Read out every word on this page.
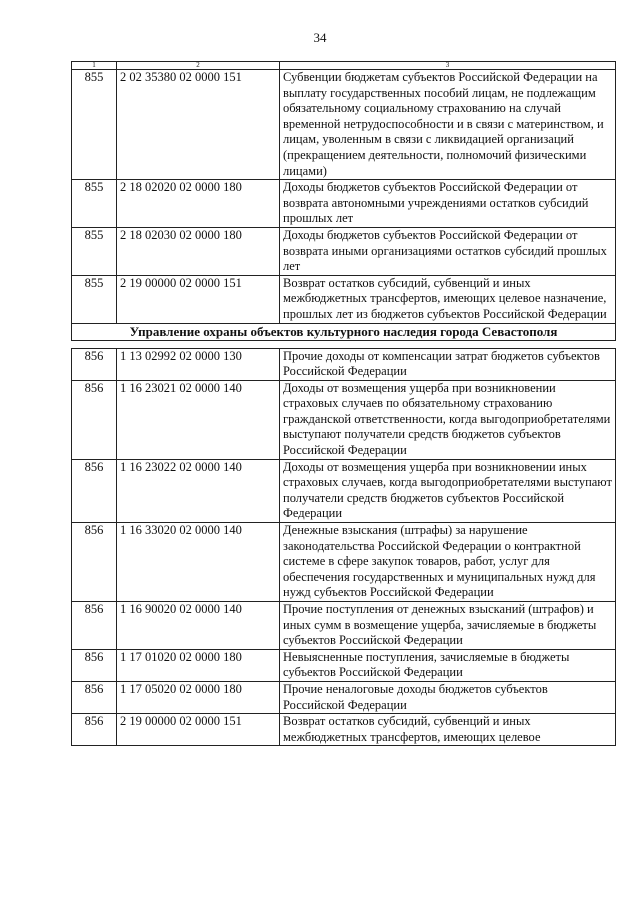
34
1	2	3
855	2 02 35380 02 0000 151	Субвенции бюджетам субъектов Российской Федерации на выплату государственных пособий лицам, не подлежащим обязательному социальному страхованию на случай временной нетрудоспособности и в связи с материнством, и лицам, уволенным в связи с ликвидацией организаций (прекращением деятельности, полномочий физическими лицами)
855	2 18 02020 02 0000 180	Доходы бюджетов субъектов Российской Федерации от возврата автономными учреждениями остатков субсидий прошлых лет
855	2 18 02030 02 0000 180	Доходы бюджетов субъектов Российской Федерации от возврата иными организациями остатков субсидий прошлых лет
855	2 19 00000 02 0000 151	Возврат остатков субсидий, субвенций и иных межбюджетных трансфертов, имеющих целевое назначение, прошлых лет из бюджетов субъектов Российской Федерации
Управление охраны объектов культурного наследия города Севастополя		

856	1 13 02992 02 0000 130	Прочие доходы от компенсации затрат бюджетов субъектов Российской Федерации
856	1 16 23021 02 0000 140	Доходы от возмещения ущерба при возникновении страховых случаев по обязательному страхованию гражданской ответственности, когда выгодоприобретателями выступают получатели средств бюджетов субъектов Российской Федерации
856	1 16 23022 02 0000 140	Доходы от возмещения ущерба при возникновении иных страховых случаев, когда выгодоприобретателями выступают получатели средств бюджетов субъектов Российской Федерации
856	1 16 33020 02 0000 140	Денежные взыскания (штрафы) за нарушение законодательства Российской Федерации о контрактной системе в сфере закупок товаров, работ, услуг для обеспечения государственных и муниципальных нужд для нужд субъектов Российской Федерации
856	1 16 90020 02 0000 140	Прочие поступления от денежных взысканий (штрафов) и иных сумм в возмещение ущерба, зачисляемые в бюджеты субъектов Российской Федерации
856	1 17 01020 02 0000 180	Невыясненные поступления, зачисляемые в бюджеты субъектов Российской Федерации
856	1 17 05020 02 0000 180	Прочие неналоговые доходы бюджетов субъектов Российской Федерации
856	2 19 00000 02 0000 151	Возврат остатков субсидий, субвенций и иных межбюджетных трансфертов, имеющих целевое
